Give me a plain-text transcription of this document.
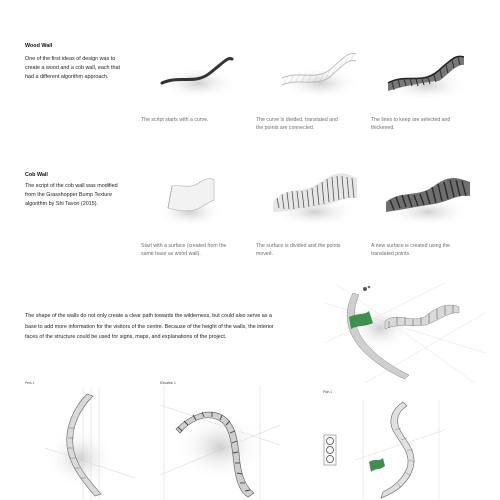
Wood Wall
One of the first ideas of design was to
create a wood and a cob wall, each that
had a different algorithm approach.
The script starts with a curve.	The curve is divided, translated and
the points are connected.
The lines to keep are selected and
thickened.
Cob Wall
The script of the cob wall was modified
from the Grasshopper Bump Texture
algorithm by Shi Tavori (2015).
Start with a surface (created from the
same base as wood wall).
The surface is divided and the points
moved.
A new surface is created using the
translated points.
The shape of the walls do not only create a clear path towards the wilderness, but could also serve as a
base to add more information for the visitors of the centre. Because of the height of the walls, the interior
faces of the structure could be used for signs, maps, and explanations of the project.
Pers 1	Elevation 1
Plan 1
